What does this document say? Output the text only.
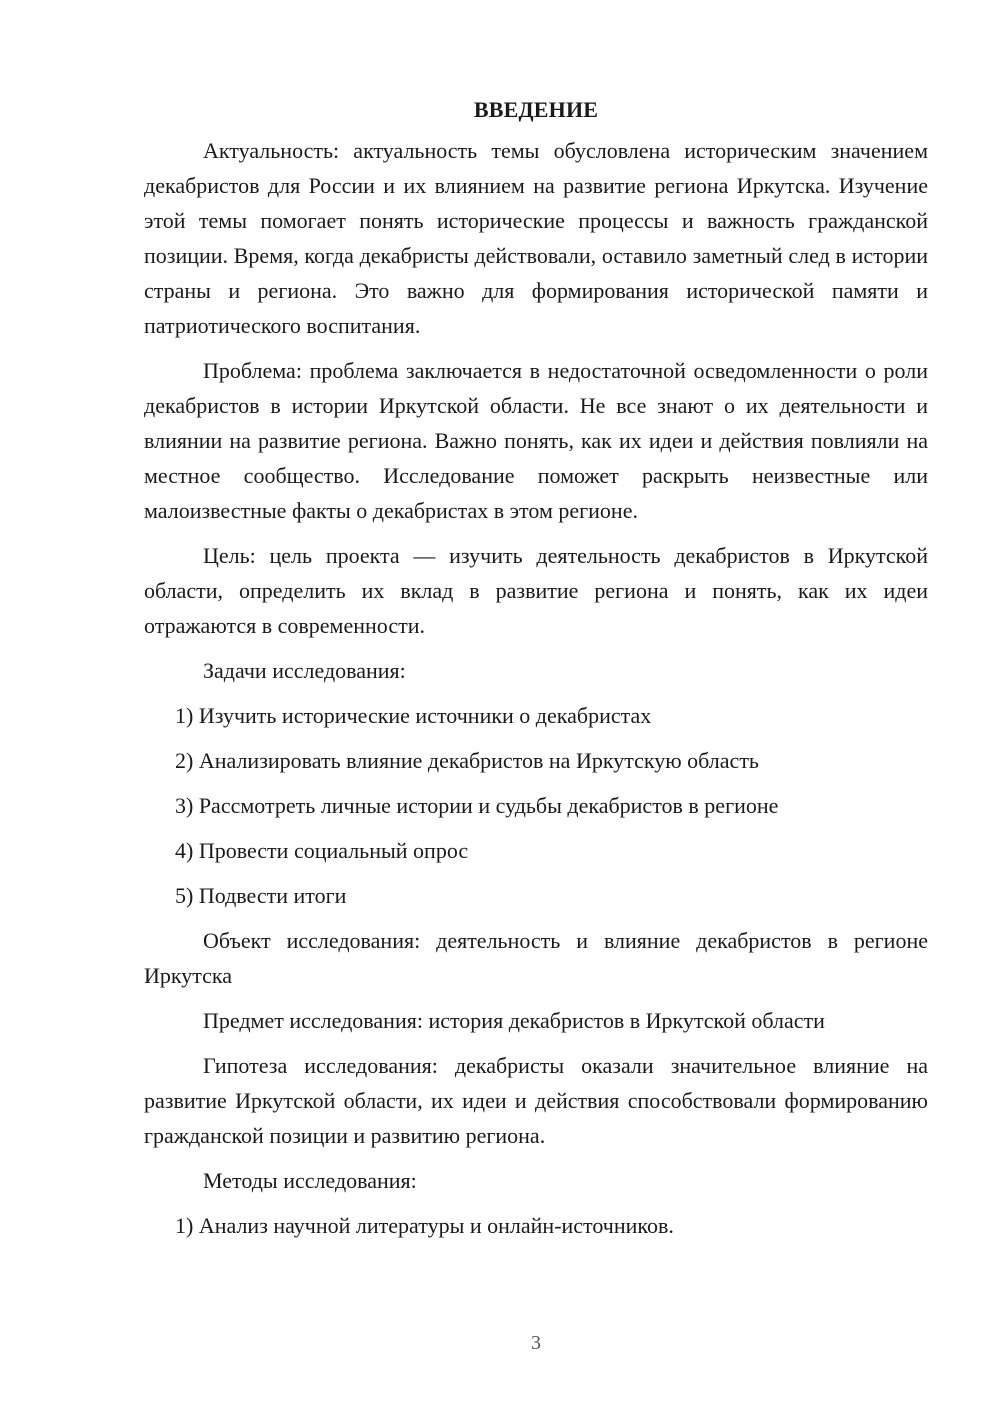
ВВЕДЕНИЕ

Актуальность: актуальность темы обусловлена историческим значением декабристов для России и их влиянием на развитие региона Иркутска. Изучение этой темы помогает понять исторические процессы и важность гражданской позиции. Время, когда декабристы действовали, оставило заметный след в истории страны и региона. Это важно для формирования исторической памяти и патриотического воспитания.

Проблема: проблема заключается в недостаточной осведомленности о роли декабристов в истории Иркутской области. Не все знают о их деятельности и влиянии на развитие региона. Важно понять, как их идеи и действия повлияли на местное сообщество. Исследование поможет раскрыть неизвестные или малоизвестные факты о декабристах в этом регионе.

Цель: цель проекта — изучить деятельность декабристов в Иркутской области, определить их вклад в развитие региона и понять, как их идеи отражаются в современности.

Задачи исследования:

1) Изучить исторические источники о декабристах

2) Анализировать влияние декабристов на Иркутскую область

3) Рассмотреть личные истории и судьбы декабристов в регионе

4) Провести социальный опрос

5) Подвести итоги

Объект исследования: деятельность и влияние декабристов в регионе Иркутска

Предмет исследования: история декабристов в Иркутской области

Гипотеза исследования: декабристы оказали значительное влияние на развитие Иркутской области, их идеи и действия способствовали формированию гражданской позиции и развитию региона.

Методы исследования:

1) Анализ научной литературы и онлайн-источников.

3
